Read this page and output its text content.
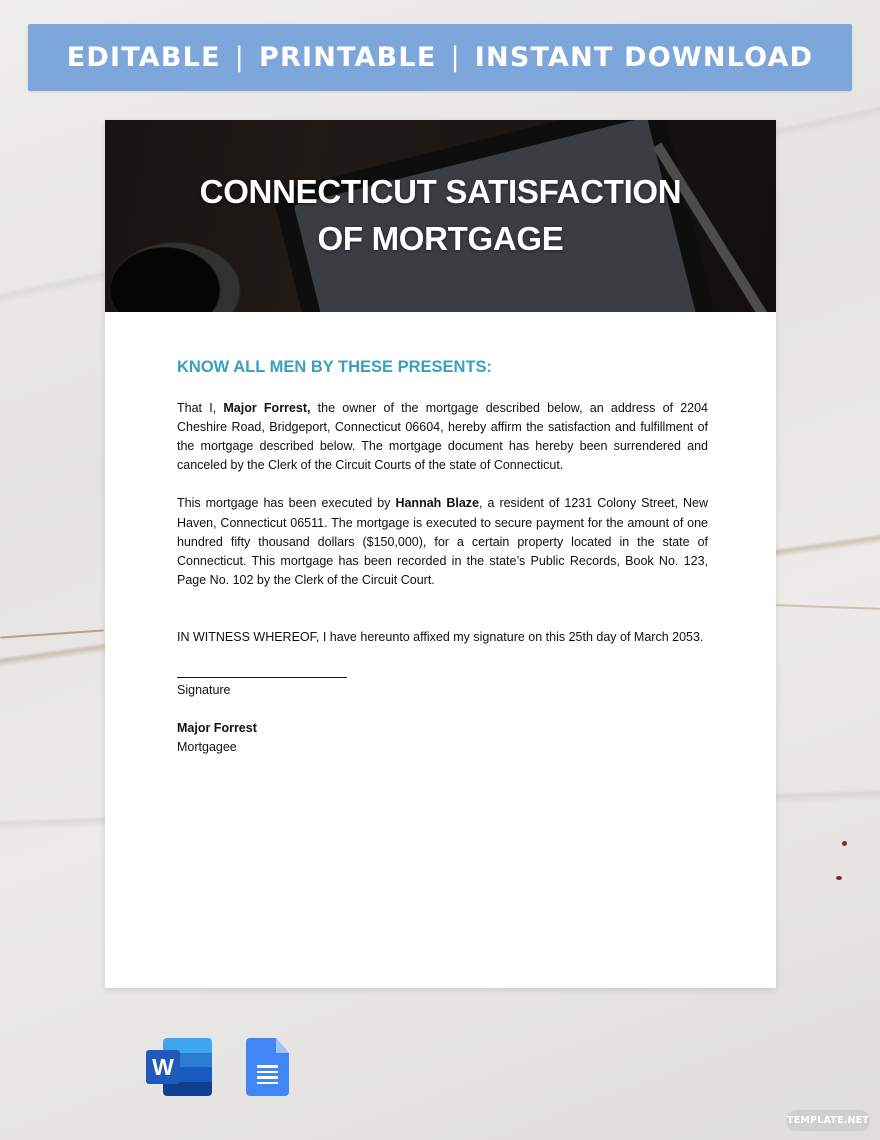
EDITABLE | PRINTABLE | INSTANT DOWNLOAD
CONNECTICUT SATISFACTION
OF MORTGAGE
KNOW ALL MEN BY THESE PRESENTS:

That I, Major Forrest, the owner of the mortgage described below, an address of 2204 Cheshire Road, Bridgeport, Connecticut 06604, hereby affirm the satisfaction and fulfillment of the mortgage described below. The mortgage document has hereby been surrendered and canceled by the Clerk of the Circuit Courts of the state of Connecticut.

This mortgage has been executed by Hannah Blaze, a resident of 1231 Colony Street, New Haven, Connecticut 06511. The mortgage is executed to secure payment for the amount of one hundred fifty thousand dollars ($150,000), for a certain property located in the state of Connecticut. This mortgage has been recorded in the state’s Public Records, Book No. 123, Page No. 102 by the Clerk of the Circuit Court.

IN WITNESS WHEREOF, I have hereunto affixed my signature on this 25th day of March 2053.

Signature
Major Forrest
Mortgagee
W
TEMPLATE.NET
